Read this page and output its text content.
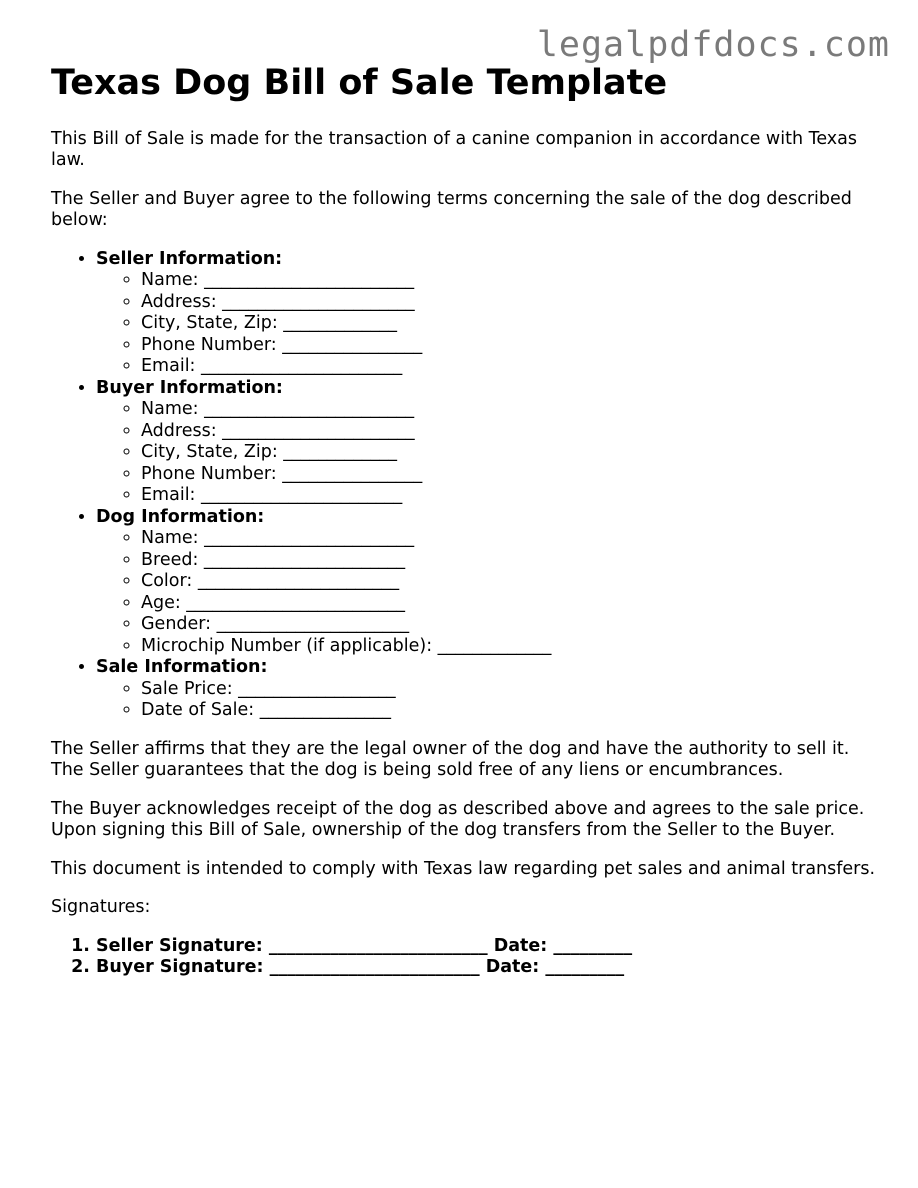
legalpdfdocs.com
Texas Dog Bill of Sale Template

This Bill of Sale is made for the transaction of a canine companion in accordance with Texas law.

The Seller and Buyer agree to the following terms concerning the sale of the dog described below:

• Seller Information:
◦ Name: ________________________
◦ Address: ______________________
◦ City, State, Zip: _____________
◦ Phone Number: ________________
◦ Email: _______________________
• Buyer Information:
◦ Name: ________________________
◦ Address: ______________________
◦ City, State, Zip: _____________
◦ Phone Number: ________________
◦ Email: _______________________
• Dog Information:
◦ Name: ________________________
◦ Breed: _______________________
◦ Color: _______________________
◦ Age: _________________________
◦ Gender: ______________________
◦ Microchip Number (if applicable): _____________
• Sale Information:
◦ Sale Price: __________________
◦ Date of Sale: _______________

The Seller affirms that they are the legal owner of the dog and have the authority to sell it. The Seller guarantees that the dog is being sold free of any liens or encumbrances.

The Buyer acknowledges receipt of the dog as described above and agrees to the sale price. Upon signing this Bill of Sale, ownership of the dog transfers from the Seller to the Buyer.

This document is intended to comply with Texas law regarding pet sales and animal transfers.

Signatures:

1. Seller Signature: _________________________ Date: _________
2. Buyer Signature: ________________________ Date: _________
